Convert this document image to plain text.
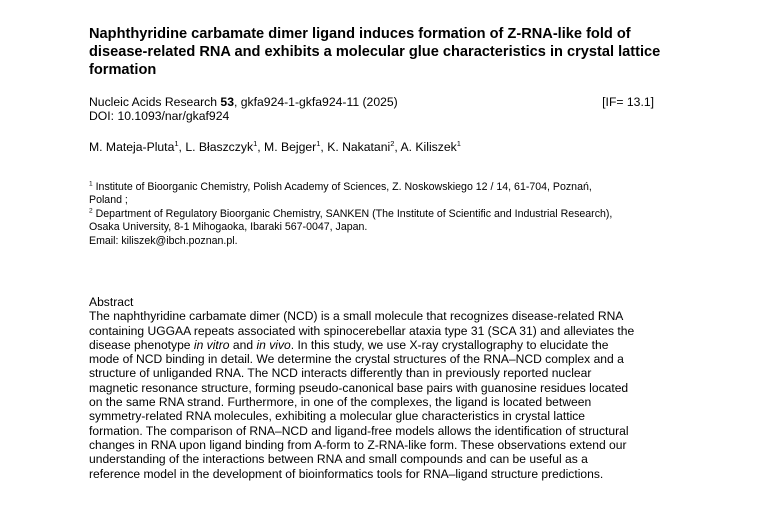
Naphthyridine carbamate dimer ligand induces formation of Z-RNA-like fold of disease-related RNA and exhibits a molecular glue characteristics in crystal lattice formation
Nucleic Acids Research 53, gkfa924-1-gkfa924-11 (2025)	[IF= 13.1]
DOI: 10.1093/nar/gkaf924
M. Mateja-Pluta$^1$, L. Błaszczyk$^1$, M. Bejger$^1$, K. Nakatani$^2$, A. Kiliszek$^1$
$^1$ Institute of Bioorganic Chemistry, Polish Academy of Sciences, Z. Noskowskiego 12 / 14, 61-704, Poznań,
Poland ;
$^2$ Department of Regulatory Bioorganic Chemistry, SANKEN (The Institute of Scientific and Industrial Research),
Osaka University, 8-1 Mihogaoka, Ibaraki 567-0047, Japan.
Email: kiliszek@ibch.poznan.pl.
Abstract
The naphthyridine carbamate dimer (NCD) is a small molecule that recognizes disease-related RNA
containing UGGAA repeats associated with spinocerebellar ataxia type 31 (SCA 31) and alleviates the
disease phenotype in vitro and in vivo. In this study, we use X-ray crystallography to elucidate the
mode of NCD binding in detail. We determine the crystal structures of the RNA–NCD complex and a
structure of unliganded RNA. The NCD interacts differently than in previously reported nuclear
magnetic resonance structure, forming pseudo-canonical base pairs with guanosine residues located
on the same RNA strand. Furthermore, in one of the complexes, the ligand is located between
symmetry-related RNA molecules, exhibiting a molecular glue characteristics in crystal lattice
formation. The comparison of RNA–NCD and ligand-free models allows the identification of structural
changes in RNA upon ligand binding from A-form to Z-RNA-like form. These observations extend our
understanding of the interactions between RNA and small compounds and can be useful as a
reference model in the development of bioinformatics tools for RNA–ligand structure predictions.
